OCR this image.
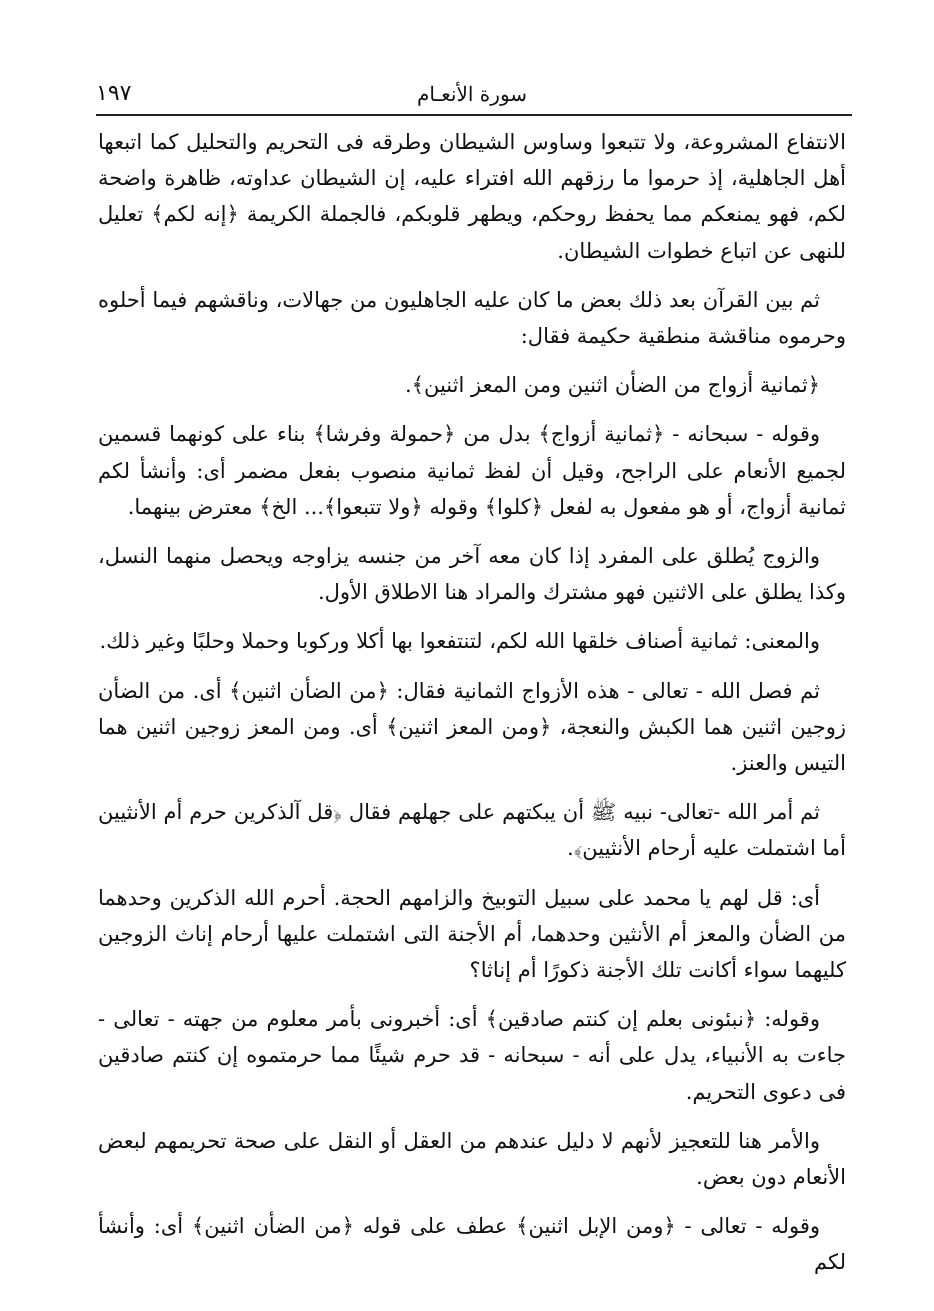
١٩٧	سورة الأنعـام

الانتفاع المشروعة، ولا تتبعوا وساوس الشيطان وطرقه فى التحريم والتحليل كما اتبعها أهل الجاهلية، إذ حرموا ما رزقهم الله افتراء عليه، إن الشيطان عداوته، ظاهرة واضحة لكم، فهو يمنعكم مما يحفظ روحكم، ويطهر قلوبكم، فالجملة الكريمة ﴿إنه لكم﴾ تعليل للنهى عن اتباع خطوات الشيطان.

ثم بين القرآن بعد ذلك بعض ما كان عليه الجاهليون من جهالات، وناقشهم فيما أحلوه وحرموه مناقشة منطقية حكيمة فقال:

﴿ثمانية أزواج من الضأن اثنين ومن المعز اثنين﴾.

وقوله - سبحانه - ﴿ثمانية أزواج﴾ بدل من ﴿حمولة وفرشا﴾ بناء على كونهما قسمين لجميع الأنعام على الراجح، وقيل أن لفظ ثمانية منصوب بفعل مضمر أى: وأنشأ لكم ثمانية أزواج، أو هو مفعول به لفعل ﴿كلوا﴾ وقوله ﴿ولا تتبعوا﴾... الخ﴾ معترض بينهما.

والزوج يُطلق على المفرد إذا كان معه آخر من جنسه يزاوجه ويحصل منهما النسل، وكذا يطلق على الاثنين فهو مشترك والمراد هنا الاطلاق الأول.

والمعنى: ثمانية أصناف خلقها الله لكم، لتنتفعوا بها أكلا وركوبا وحملا وحلبًا وغير ذلك.

ثم فصل الله - تعالى - هذه الأزواج الثمانية فقال: ﴿من الضأن اثنين﴾ أى. من الضأن زوجين اثنين هما الكبش والنعجة، ﴿ومن المعز اثنين﴾ أى. ومن المعز زوجين اثنين هما التيس والعنز.

ثم أمر الله -تعالى- نبيه ﷺ أن يبكتهم على جهلهم فقال ﴿قل آلذكرين حرم أم الأنثيين أما اشتملت عليه أرحام الأنثيين﴾.

أى: قل لهم يا محمد على سبيل التوبيخ والزامهم الحجة. أحرم الله الذكرين وحدهما من الضأن والمعز أم الأنثين وحدهما، أم الأجنة التى اشتملت عليها أرحام إناث الزوجين كليهما سواء أكانت تلك الأجنة ذكورًا أم إناثا؟

وقوله: ﴿نبئونى بعلم إن كنتم صادقين﴾ أى: أخبرونى بأمر معلوم من جهته - تعالى - جاءت به الأنبياء، يدل على أنه - سبحانه - قد حرم شيئًا مما حرمتموه إن كنتم صادقين فى دعوى التحريم.

والأمر هنا للتعجيز لأنهم لا دليل عندهم من العقل أو النقل على صحة تحريمهم لبعض الأنعام دون بعض.

وقوله - تعالى - ﴿ومن الإبل اثنين﴾ عطف على قوله ﴿من الضأن اثنين﴾ أى: وأنشأ لكم
